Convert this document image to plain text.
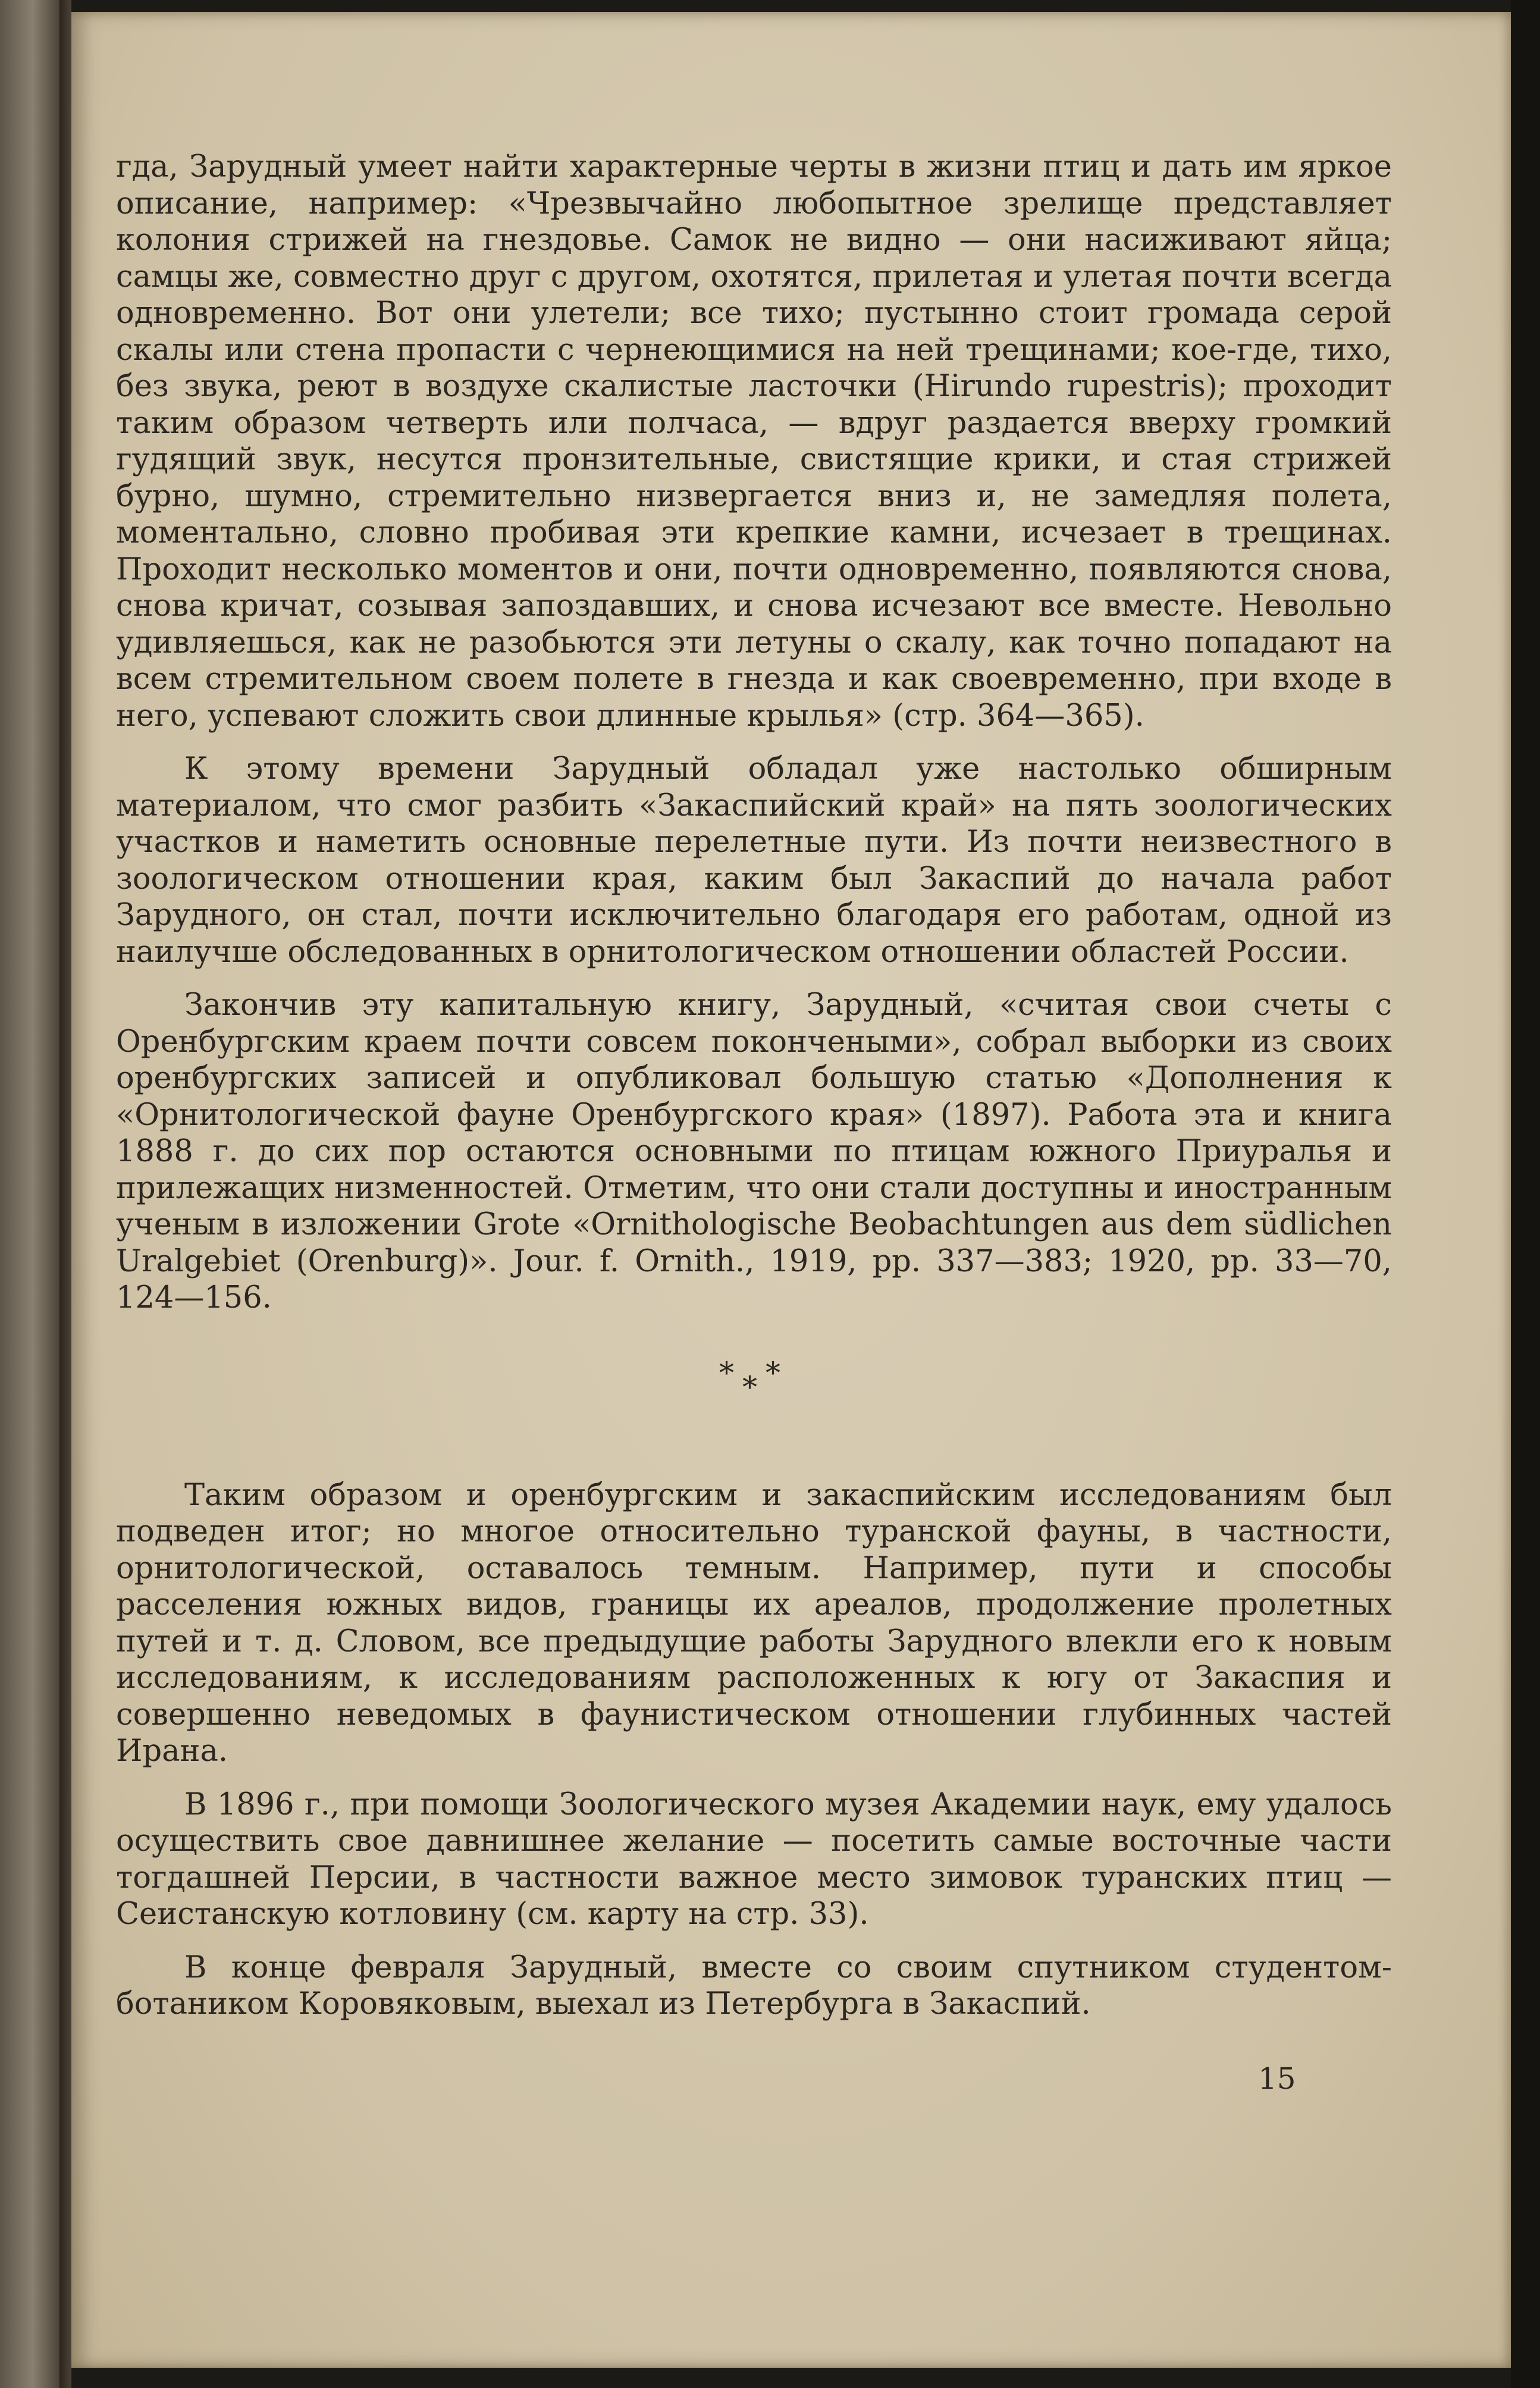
гда, Зарудный умеет найти характерные черты в жизни птиц и дать им яркое описание, например: «Чрезвычайно любопытное зрелище представляет колония стрижей на гнездовье. Самок не видно — они насиживают яйца; самцы же, совместно друг с другом, охотятся, прилетая и улетая почти всегда одновременно. Вот они улетели; все тихо; пустынно стоит громада серой скалы или стена пропасти с чернеющимися на ней трещинами; кое-где, тихо, без звука, реют в воздухе скалистые ласточки (Hirundo rupestris); проходит таким образом четверть или полчаса, — вдруг раздается вверху громкий гудящий звук, несутся пронзительные, свистящие крики, и стая стрижей бурно, шумно, стремительно низвергается вниз и, не замедляя полета, моментально, словно пробивая эти крепкие камни, исчезает в трещинах. Проходит несколько моментов и они, почти одновременно, появляются снова, снова кричат, созывая запоздавших, и снова исчезают все вместе. Невольно удивляешься, как не разобьются эти летуны о скалу, как точно попадают на всем стремительном своем полете в гнезда и как своевременно, при входе в него, успевают сложить свои длинные крылья» (стр. 364—365).

К этому времени Зарудный обладал уже настолько обширным материалом, что смог разбить «Закаспийский край» на пять зоологических участков и наметить основные перелетные пути. Из почти неизвестного в зоологическом отношении края, каким был Закаспий до начала работ Зарудного, он стал, почти исключительно благодаря его работам, одной из наилучше обследованных в орнитологическом отношении областей России.

Закончив эту капитальную книгу, Зарудный, «считая свои счеты с Оренбургским краем почти совсем покончеными», собрал выборки из своих оренбургских записей и опубликовал большую статью «Дополнения к «Орнитологической фауне Оренбургского края» (1897). Работа эта и книга 1888 г. до сих пор остаются основными по птицам южного Приуралья и прилежащих низменностей. Отметим, что они стали доступны и иностранным ученым в изложении Grote «Ornithologische Beobachtungen aus dem südlichen Uralgebiet (Orenburg)». Jour. f. Ornith., 1919, pp. 337—383; 1920, pp. 33—70, 124—156.

***

Таким образом и оренбургским и закаспийским исследованиям был подведен итог; но многое относительно туранской фауны, в частности, орнитологической, оставалось темным. Например, пути и способы расселения южных видов, границы их ареалов, продолжение пролетных путей и т. д. Словом, все предыдущие работы Зарудного влекли его к новым исследованиям, к исследованиям расположенных к югу от Закаспия и совершенно неведомых в фаунистическом отношении глубинных частей Ирана.

В 1896 г., при помощи Зоологического музея Академии наук, ему удалось осуществить свое давнишнее желание — посетить самые восточные части тогдашней Персии, в частности важное место зимовок туранских птиц — Сеистанскую котловину (см. карту на стр. 33).

В конце февраля Зарудный, вместе со своим спутником студентом-ботаником Коровяковым, выехал из Петербурга в Закаспий.

15
